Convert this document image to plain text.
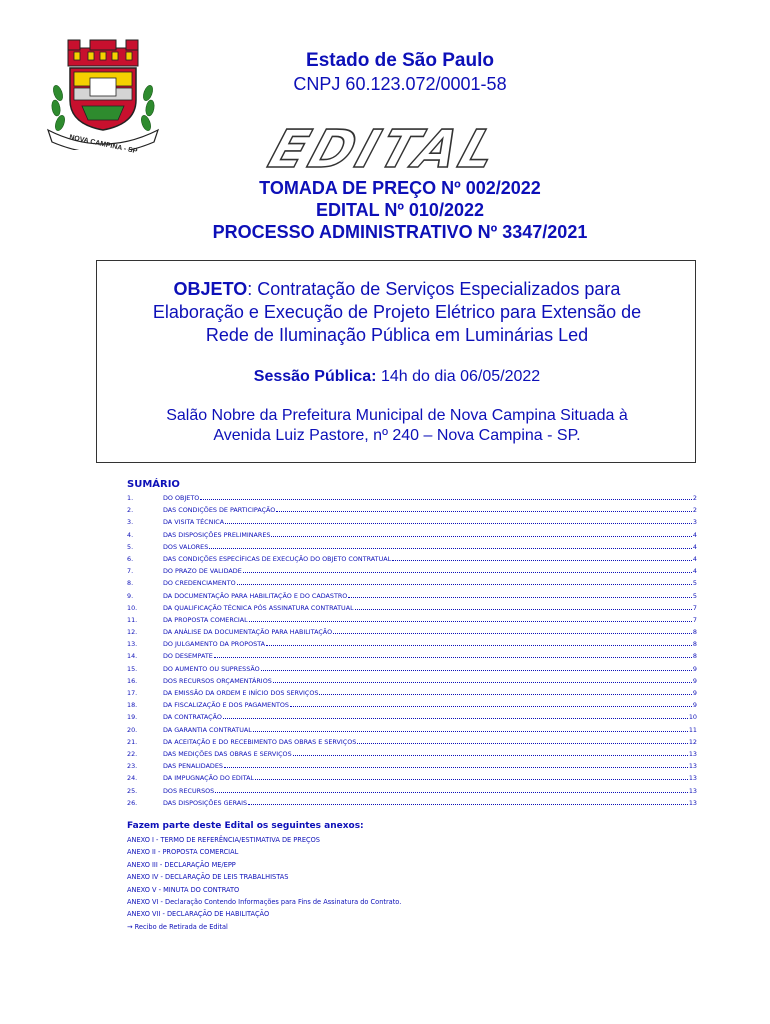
NOVA CAMPINA - SP
Estado de São Paulo
CNPJ 60.123.072/0001-58
EDITAL
TOMADA DE PREÇO Nº 002/2022
EDITAL Nº 010/2022
PROCESSO ADMINISTRATIVO Nº 3347/2021
OBJETO: Contratação de Serviços Especializados para
Elaboração e Execução de Projeto Elétrico para Extensão de
Rede de Iluminação Pública em Luminárias Led
Sessão Pública: 14h do dia 06/05/2022
Salão Nobre da Prefeitura Municipal de Nova Campina Situada à
Avenida Luiz Pastore, nº 240 – Nova Campina - SP.
SUMÁRIO
1.	DO OBJETO	2
2.	DAS CONDIÇÕES DE PARTICIPAÇÃO	2
3.	DA VISITA TÉCNICA	3
4.	DAS DISPOSIÇÕES PRELIMINARES	4
5.	DOS VALORES	4
6.	DAS CONDIÇÕES ESPECÍFICAS DE EXECUÇÃO DO OBJETO CONTRATUAL	4
7.	DO PRAZO DE VALIDADE	4
8.	DO CREDENCIAMENTO	5
9.	DA DOCUMENTAÇÃO PARA HABILITAÇÃO E DO CADASTRO	5
10.	DA QUALIFICAÇÃO TÉCNICA PÓS ASSINATURA CONTRATUAL	7
11.	DA PROPOSTA COMERCIAL	7
12.	DA ANÁLISE DA DOCUMENTAÇÃO PARA HABILITAÇÃO	8
13.	DO JULGAMENTO DA PROPOSTA	8
14.	DO DESEMPATE	8
15.	DO AUMENTO OU SUPRESSÃO	9
16.	DOS RECURSOS ORÇAMENTÁRIOS	9
17.	DA EMISSÃO DA ORDEM E INÍCIO DOS SERVIÇOS	9
18.	DA FISCALIZAÇÃO E DOS PAGAMENTOS	9
19.	DA CONTRATAÇÃO	10
20.	DA GARANTIA CONTRATUAL	11
21.	DA ACEITAÇÃO E DO RECEBIMENTO DAS OBRAS E SERVIÇOS	12
22.	DAS MEDIÇÕES DAS OBRAS E SERVIÇOS	13
23.	DAS PENALIDADES	13
24.	DA IMPUGNAÇÃO DO EDITAL	13
25.	DOS RECURSOS	13
26.	DAS DISPOSIÇÕES GERAIS	13
Fazem parte deste Edital os seguintes anexos:
ANEXO I - TERMO DE REFERÊNCIA/ESTIMATIVA DE PREÇOS
ANEXO II - PROPOSTA COMERCIAL
ANEXO III - DECLARAÇÃO ME/EPP
ANEXO IV - DECLARAÇÃO DE LEIS TRABALHISTAS
ANEXO V - MINUTA DO CONTRATO
ANEXO VI - Declaração Contendo Informações para Fins de Assinatura do Contrato.
ANEXO VII - DECLARAÇÃO DE HABILITAÇÃO
→ Recibo de Retirada de Edital
